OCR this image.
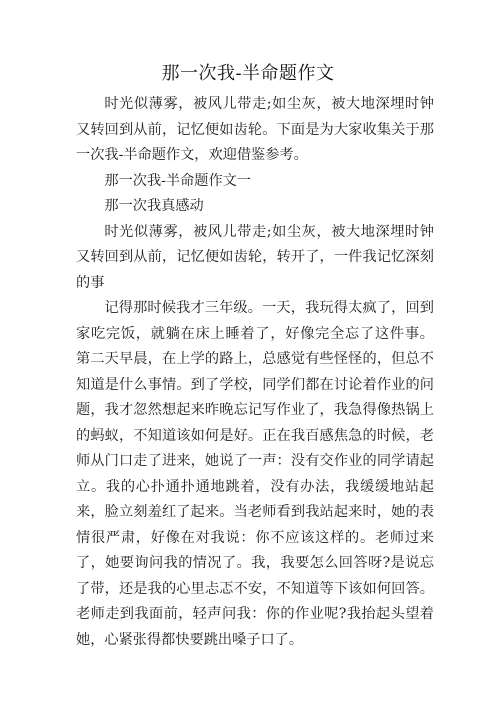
那一次我-半命题作文

时光似薄雾，被风儿带走;如尘灰，被大地深埋时钟又转回到从前，记忆便如齿轮。下面是为大家收集关于那一次我-半命题作文，欢迎借鉴参考。

那一次我-半命题作文一

那一次我真感动

时光似薄雾，被风儿带走;如尘灰，被大地深埋时钟又转回到从前，记忆便如齿轮，转开了，一件我记忆深刻的事

记得那时候我才三年级。一天，我玩得太疯了，回到家吃完饭，就躺在床上睡着了，好像完全忘了这件事。 第二天早晨，在上学的路上，总感觉有些怪怪的，但总不知道是什么事情。到了学校，同学们都在讨论着作业的问题，我才忽然想起来昨晚忘记写作业了，我急得像热锅上的蚂蚁，不知道该如何是好。正在我百感焦急的时候，老师从门口走了进来，她说了一声：没有交作业的同学请起立。我的心扑通扑通地跳着，没有办法，我缓缓地站起来，脸立刻羞红了起来。当老师看到我站起来时，她的表情很严肃，好像在对我说：你不应该这样的。老师过来了，她要询问我的情况了。我，我要怎么回答呀?是说忘了带，还是我的心里忐忑不安，不知道等下该如何回答。老师走到我面前，轻声问我：你的作业呢?我抬起头望着她，心紧张得都快要跳出嗓子口了。
